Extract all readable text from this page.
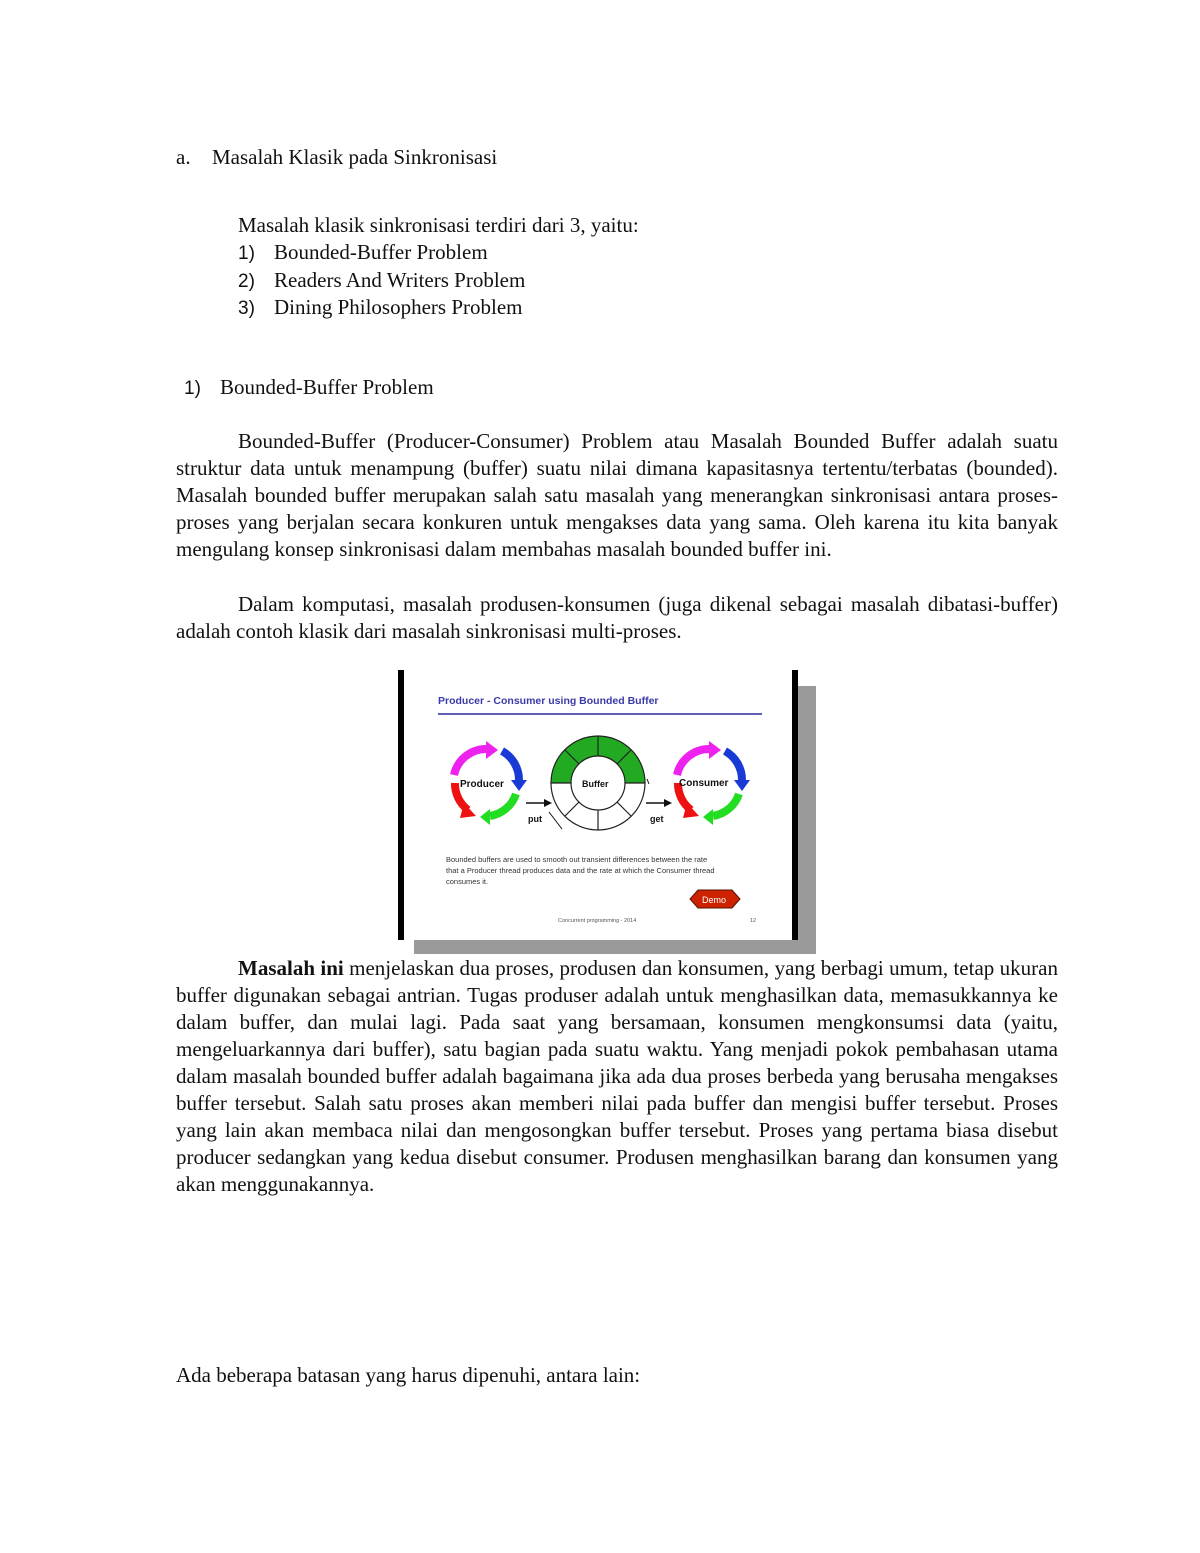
a. Masalah Klasik pada Sinkronisasi
Masalah klasik sinkronisasi terdiri dari 3, yaitu:
1) Bounded-Buffer Problem
2) Readers And Writers Problem
3) Dining Philosophers Problem
1) Bounded-Buffer Problem

Bounded-Buffer (Producer-Consumer) Problem atau Masalah Bounded Buffer adalah suatu struktur data untuk menampung (buffer) suatu nilai dimana kapasitasnya tertentu/terbatas (bounded). Masalah bounded buffer merupakan salah satu masalah yang menerangkan sinkronisasi antara proses-proses yang berjalan secara konkuren untuk mengakses data yang sama. Oleh karena itu kita banyak mengulang konsep sinkronisasi dalam membahas masalah bounded buffer ini.

Dalam komputasi, masalah produsen-konsumen (juga dikenal sebagai masalah dibatasi-buffer) adalah contoh klasik dari masalah sinkronisasi multi-proses.

Producer - Consumer using Bounded Buffer
Producer	Buffer
put	get
Consumer
Bounded buffers are used to smooth out transient differences between the rate
that a Producer thread produces data and the rate at which the Consumer thread
consumes it.
Demo
Concurrent programming - 2014	12

Masalah ini menjelaskan dua proses, produsen dan konsumen, yang berbagi umum, tetap ukuran buffer digunakan sebagai antrian. Tugas produser adalah untuk menghasilkan data, memasukkannya ke dalam buffer, dan mulai lagi. Pada saat yang bersamaan, konsumen mengkonsumsi data (yaitu, mengeluarkannya dari buffer), satu bagian pada suatu waktu. Yang menjadi pokok pembahasan utama dalam masalah bounded buffer adalah bagaimana jika ada dua proses berbeda yang berusaha mengakses buffer tersebut. Salah satu proses akan memberi nilai pada buffer dan mengisi buffer tersebut. Proses yang lain akan membaca nilai dan mengosongkan buffer tersebut. Proses yang pertama biasa disebut producer sedangkan yang kedua disebut consumer. Produsen menghasilkan barang dan konsumen yang akan menggunakannya.

Ada beberapa batasan yang harus dipenuhi, antara lain:
